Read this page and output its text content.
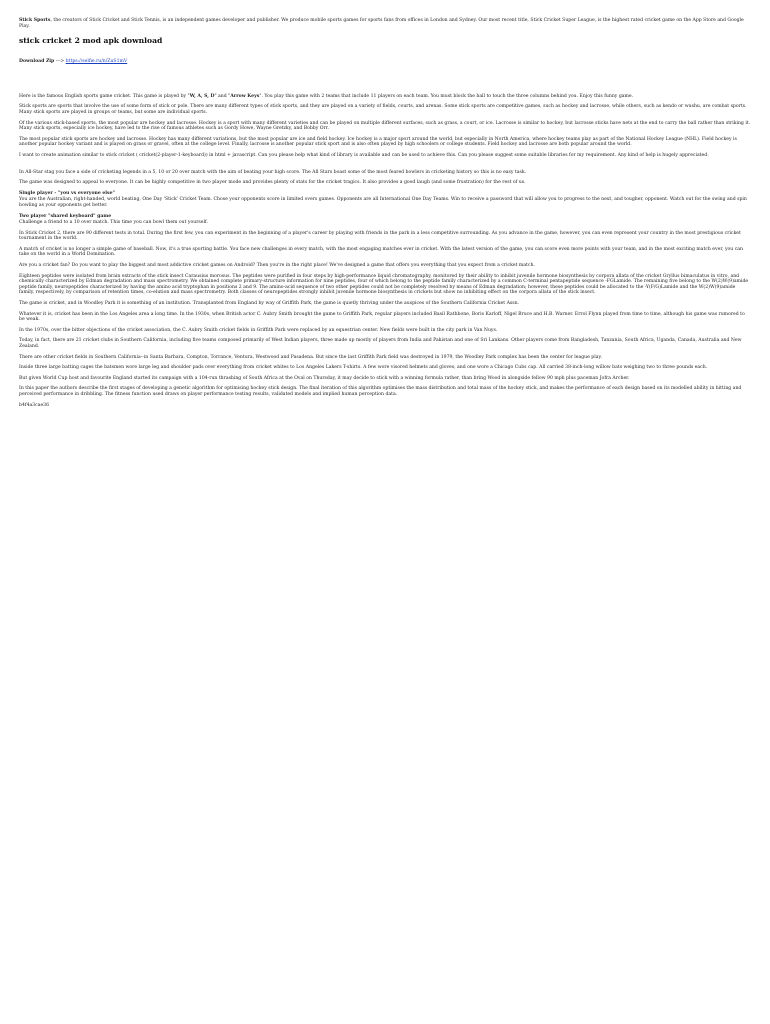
Stick Sports, the creators of Stick Cricket and Stick Tennis, is an independent games developer and publisher. We produce mobile sports games for sports fans from offices in London and Sydney. Our most recent title, Stick Cricket Super League, is the highest rated cricket game on the App Store and Google Play.

stick cricket 2 mod apk download

Download Zip ---> https://selfie.ru/n/ZuS1mV

Here is the famous English sports game cricket. This game is played by "W, A, S, D" and "Arrow Keys". You play this game with 2 teams that include 11 players on each team. You must block the ball to touch the three columns behind you. Enjoy this funny game.

Stick sports are sports that involve the use of some form of stick or pole. There are many different types of stick sports, and they are played on a variety of fields, courts, and arenas. Some stick sports are competitive games, such as hockey and lacrosse, while others, such as kendo or wushu, are combat sports. Many stick sports are played in groups or teams, but some are individual sports.

Of the various stick-based sports, the most popular are hockey and lacrosse. Hockey is a sport with many different varieties and can be played on multiple different surfaces, such as grass, a court, or ice. Lacrosse is similar to hockey, but lacrosse sticks have nets at the end to carry the ball rather than striking it. Many stick sports, especially ice hockey, have led to the rise of famous athletes such as Gordy Howe, Wayne Gretzky, and Bobby Orr.

The most popular stick sports are hockey and lacrosse. Hockey has many different variations, but the most popular are ice and field hockey. Ice hockey is a major sport around the world, but especially in North America, where hockey teams play as part of the National Hockey League (NHL). Field hockey is another popular hockey variant and is played on grass or gravel, often at the college level. Finally, lacrosse is another popular stick sport and is also often played by high schoolers or college students. Field hockey and lacrosse are both popular around the world.

I want to create animation similar to stick cricket ( cricket(2-player-1-keyboard)) in html + javascript. Can you please help what kind of library is available and can be used to achieve this. Can you please suggest some suitable libraries for my requirement. Any kind of help is hugely appreciated.

In All-Star stag you face a side of cricketing legends in a 5, 10 or 20 over match with the aim of beating your high score. The All Stars boast some of the most feared bowlers in cricketing history so this is no easy task.

The game was designed to appeal to everyone. It can be highly competitive in two player mode and provides plenty of stats for the cricket tragics. It also provides a good laugh (and some frustration) for the rest of us.

Single player - "you vs everyone else"

You are the Australian, right-handed, world beating, One Day 'Stick' Cricket Team. Chose your opponents score in limited overs games. Opponents are all International One Day Teams. Win to receive a password that will allow you to progress to the next, and tougher, opponent. Watch out for the swing and spin bowling as your opponents get better.

Two player "shared keyboard" game

Challenge a friend to a 10 over match. This time you can bowl them out yourself.

In Stick Cricket 2, there are 90 different tests in total. During the first few, you can experiment in the beginning of a player's career by playing with friends in the park in a less competitive surrounding. As you advance in the game, however, you can even represent your country in the most prestigious cricket tournament in the world.

A match of cricket is no longer a simple game of baseball. Now, it's a true sporting battle. You face new challenges in every match, with the most engaging matches ever in cricket. With the latest version of the game, you can score even more points with your team, and in the most exciting match ever, you can take on the world in a World Domination.

Are you a cricket fan? Do you want to play the biggest and most addictive cricket games on Android? Then you're in the right place! We've designed a game that offers you everything that you expect from a cricket match.

Eighteen peptides were isolated from brain extracts of the stick insect Carausius morosus. The peptides were purified in four steps by high-performance liquid chromatography, monitored by their ability to inhibit juvenile hormone biosynthesis by corpora allata of the cricket Gryllus bimaculatus in vitro, and chemically characterized by Edman degradation and mass spectrometry. We obtained complete primary-structure information for nine peptides, four of which belong to the peptide family characterized by a common C-terminal pentapeptide sequence -FGLamide. The remaining five belong to the W(2)W(9)amide peptide family, neuropeptides characterized by having the amino acid tryptophan in positions 2 and 9. The amino-acid sequence of two other peptides could not be completely resolved by means of Edman degradation; however, these peptides could be allocated to the -Y(F/G)Lamide and the W(2)W(9)amide family, respectively, by comparison of retention times, co-elution and mass spectrometry. Both classes of neuropeptides strongly inhibit juvenile hormone biosynthesis in crickets but show no inhibiting effect on the corpora allata of the stick insect.

The game is cricket, and in Woodley Park it is something of an institution. Transplanted from England by way of Griffith Park, the game is quietly thriving under the auspices of the Southern California Cricket Assn.

Whatever it is, cricket has been in the Los Angeles area a long time. In the 1930s, when British actor C. Aubry Smith brought the game to Griffith Park, regular players included Basil Rathbone, Boris Karloff, Nigel Bruce and H.B. Warner. Errol Flynn played from time to time, although his game was rumored to be weak.

In the 1970s, over the bitter objections of the cricket association, the C. Aubry Smith cricket fields in Griffith Park were replaced by an equestrian center. New fields were built in the city park in Van Nuys.

Today, in fact, there are 21 cricket clubs in Southern California, including five teams composed primarily of West Indian players, three made up mostly of players from India and Pakistan and one of Sri Lankans. Other players come from Bangladesh, Tanzania, South Africa, Uganda, Canada, Australia and New Zealand.

There are other cricket fields in Southern California--in Santa Barbara, Compton, Torrance, Ventura, Westwood and Pasadena. But since the last Griffith Park field was destroyed in 1979, the Woodley Park complex has been the center for league play.

Inside three large batting cages the batsmen wore large leg and shoulder pads over everything from cricket whites to Los Angeles Lakers T-shirts. A few wore visored helmets and gloves, and one wore a Chicago Cubs cap. All carried 38-inch-long willow bats weighing two to three pounds each.

But given World Cup host and favourite England started its campaign with a 104-run thrashing of South Africa at the Oval on Thursday, it may decide to stick with a winning formula rather, than bring Wood in alongside fellow 90 mph plus paceman Jofra Archer.

In this paper the authors describe the first stages of developing a genetic algorithm for optimising hockey stick design. The final iteration of this algorithm optimises the mass distribution and total mass of the hockey stick, and makes the performance of each design based on its modelled ability in hitting and perceived performance in dribbling. The fitness function used draws on player performance testing results, validated models and implied human perception data.

b4f4a3cae36
